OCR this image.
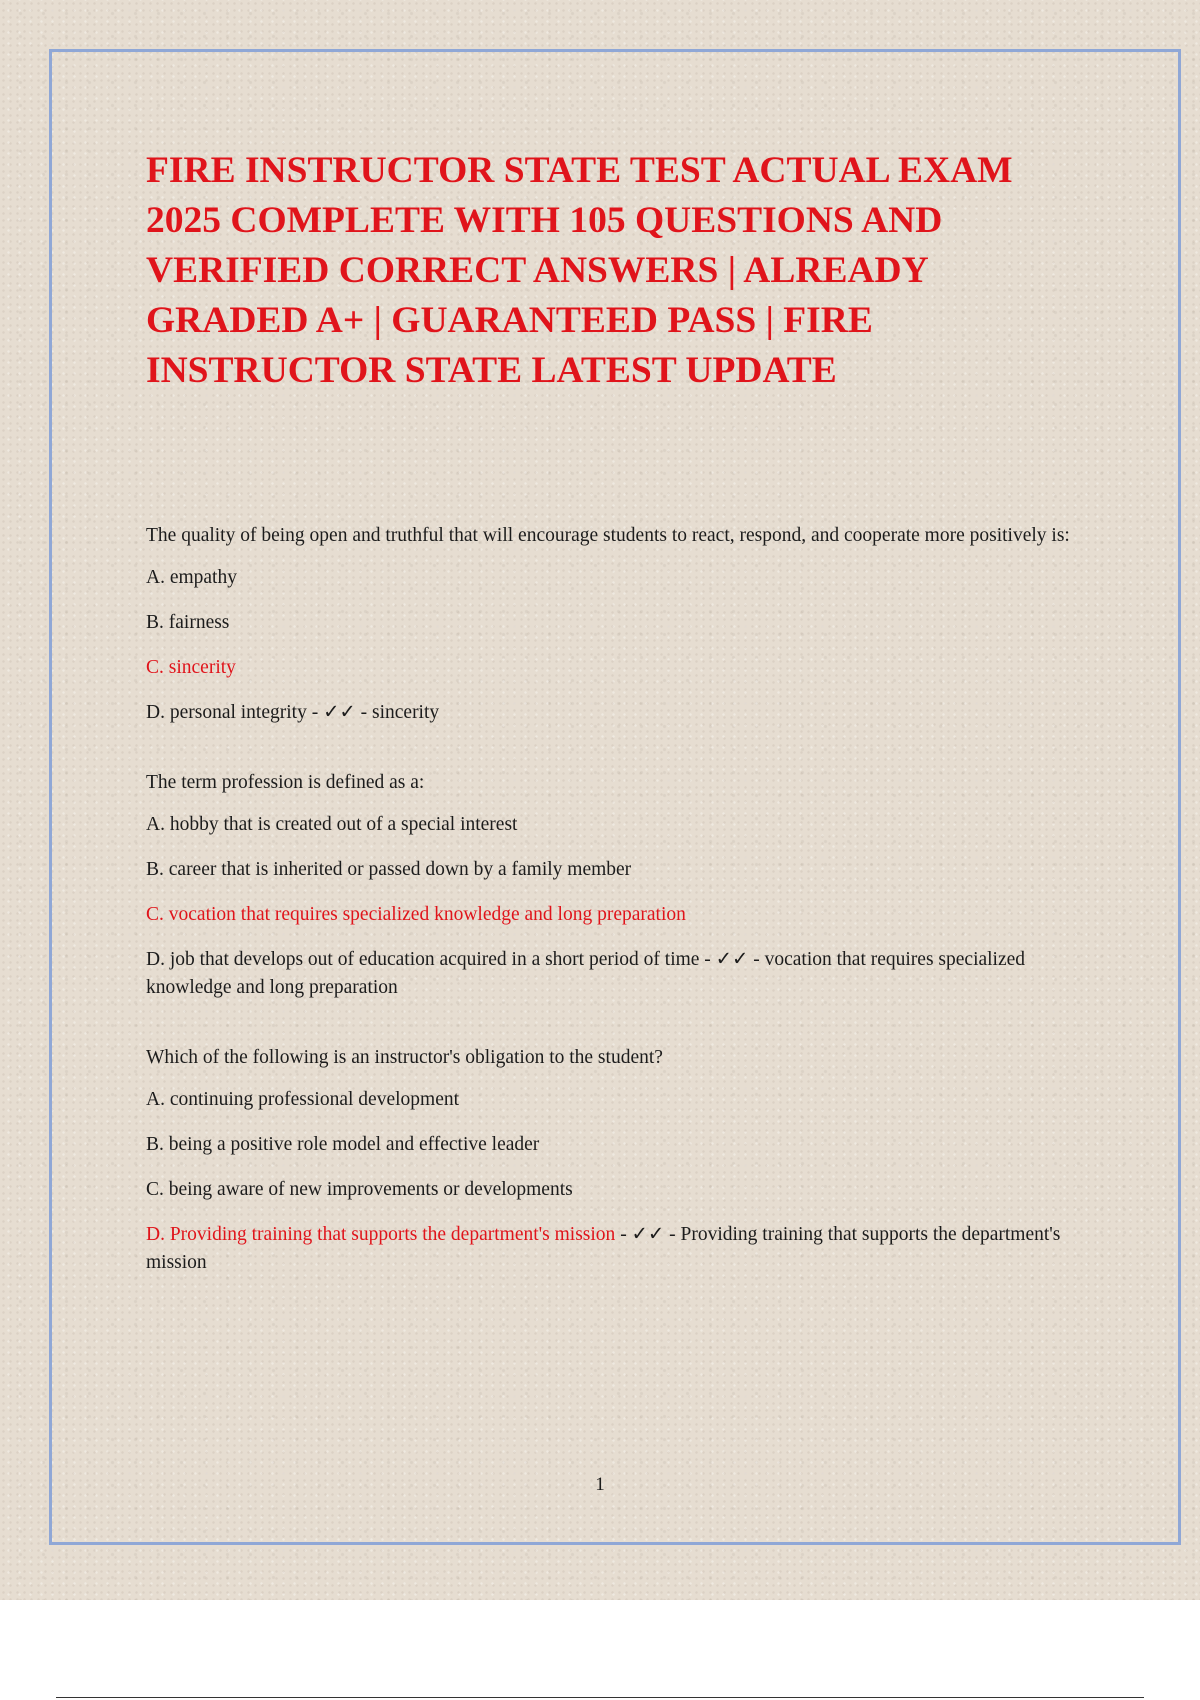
FIRE INSTRUCTOR STATE TEST ACTUAL EXAM 2025 COMPLETE WITH 105 QUESTIONS AND VERIFIED CORRECT ANSWERS | ALREADY GRADED A+ | GUARANTEED PASS | FIRE INSTRUCTOR STATE LATEST UPDATE

The quality of being open and truthful that will encourage students to react, respond, and cooperate more positively is:

A. empathy

B. fairness

C. sincerity

D. personal integrity - ✓✓ - sincerity

The term profession is defined as a:

A. hobby that is created out of a special interest

B. career that is inherited or passed down by a family member

C. vocation that requires specialized knowledge and long preparation

D. job that develops out of education acquired in a short period of time - ✓✓ - vocation that requires specialized knowledge and long preparation

Which of the following is an instructor's obligation to the student?

A. continuing professional development

B. being a positive role model and effective leader

C. being aware of new improvements or developments

D. Providing training that supports the department's mission - ✓✓ - Providing training that supports the department's mission

1
